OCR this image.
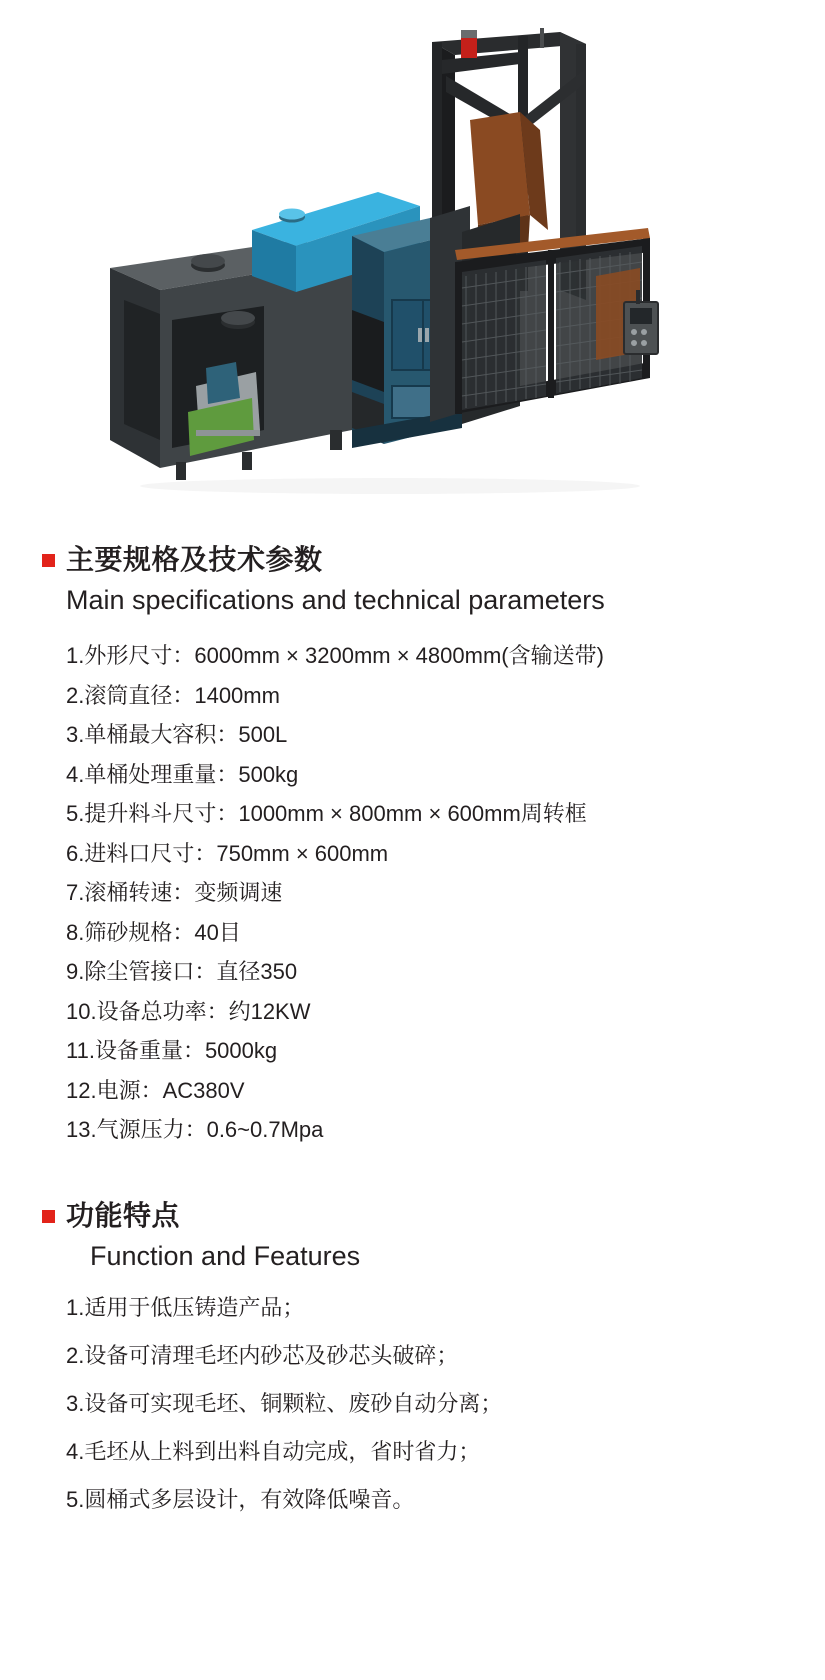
主要规格及技术参数
Main specifications and technical parameters
1.外形尺寸：6000mm × 3200mm × 4800mm(含输送带)
2.滚筒直径：1400mm
3.单桶最大容积：500L
4.单桶处理重量：500kg
5.提升料斗尺寸：1000mm × 800mm × 600mm周转框
6.进料口尺寸：750mm × 600mm
7.滚桶转速：变频调速
8.筛砂规格：40目
9.除尘管接口：直径350
10.设备总功率：约12KW
11.设备重量：5000kg
12.电源：AC380V
13.气源压力：0.6~0.7Mpa
功能特点
Function and Features
1.适用于低压铸造产品；
2.设备可清理毛坯内砂芯及砂芯头破碎；
3.设备可实现毛坯、铜颗粒、废砂自动分离；
4.毛坯从上料到出料自动完成，省时省力；
5.圆桶式多层设计，有效降低噪音。
